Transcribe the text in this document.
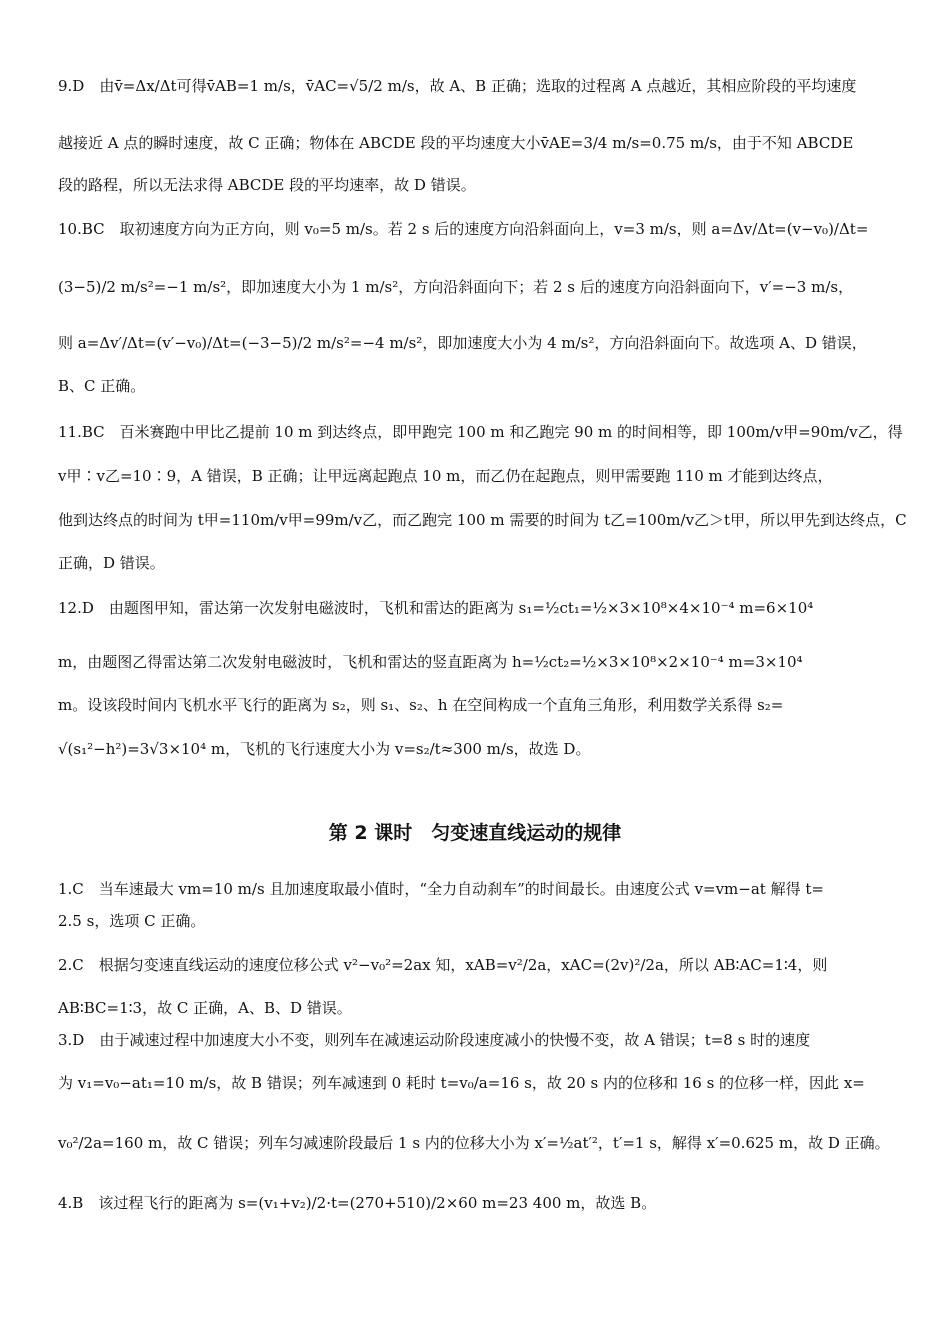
9.D　由v̄=Δx/Δt可得v̄AB=1 m/s，v̄AC=√5/2 m/s，故 A、B 正确；选取的过程离 A 点越近，其相应阶段的平均速度
越接近 A 点的瞬时速度，故 C 正确；物体在 ABCDE 段的平均速度大小v̄AE=3/4 m/s=0.75 m/s，由于不知 ABCDE
段的路程，所以无法求得 ABCDE 段的平均速率，故 D 错误。
10.BC　取初速度方向为正方向，则 v₀=5 m/s。若 2 s 后的速度方向沿斜面向上，v=3 m/s，则 a=Δv/Δt=(v−v₀)/Δt=
(3−5)/2 m/s²=−1 m/s²，即加速度大小为 1 m/s²，方向沿斜面向下；若 2 s 后的速度方向沿斜面向下，v′=−3 m/s，
则 a=Δv′/Δt=(v′−v₀)/Δt=(−3−5)/2 m/s²=−4 m/s²，即加速度大小为 4 m/s²，方向沿斜面向下。故选项 A、D 错误，
B、C 正确。
11.BC　百米赛跑中甲比乙提前 10 m 到达终点，即甲跑完 100 m 和乙跑完 90 m 的时间相等，即 100m/v甲=90m/v乙，得
v甲∶v乙=10∶9，A 错误，B 正确；让甲远离起跑点 10 m，而乙仍在起跑点，则甲需要跑 110 m 才能到达终点，
他到达终点的时间为 t甲=110m/v甲=99m/v乙，而乙跑完 100 m 需要的时间为 t乙=100m/v乙＞t甲，所以甲先到达终点，C
正确，D 错误。
12.D　由题图甲知，雷达第一次发射电磁波时，飞机和雷达的距离为 s₁=½ct₁=½×3×10⁸×4×10⁻⁴ m=6×10⁴
m，由题图乙得雷达第二次发射电磁波时，飞机和雷达的竖直距离为 h=½ct₂=½×3×10⁸×2×10⁻⁴ m=3×10⁴
m。设该段时间内飞机水平飞行的距离为 s₂，则 s₁、s₂、h 在空间构成一个直角三角形，利用数学关系得 s₂=
√(s₁²−h²)=3√3×10⁴ m，飞机的飞行速度大小为 v=s₂/t≈300 m/s，故选 D。
第 2 课时　匀变速直线运动的规律
1.C　当车速最大 vm=10 m/s 且加速度取最小值时，“全力自动刹车”的时间最长。由速度公式 v=vm−at 解得 t=
2.5 s，选项 C 正确。
2.C　根据匀变速直线运动的速度位移公式 v²−v₀²=2ax 知，xAB=v²/2a，xAC=(2v)²/2a，所以 AB∶AC=1∶4，则
AB∶BC=1∶3，故 C 正确，A、B、D 错误。
3.D　由于减速过程中加速度大小不变，则列车在减速运动阶段速度减小的快慢不变，故 A 错误；t=8 s 时的速度
为 v₁=v₀−at₁=10 m/s，故 B 错误；列车减速到 0 耗时 t=v₀/a=16 s，故 20 s 内的位移和 16 s 的位移一样，因此 x=
v₀²/2a=160 m，故 C 错误；列车匀减速阶段最后 1 s 内的位移大小为 x′=½at′²，t′=1 s，解得 x′=0.625 m，故 D 正确。
4.B　该过程飞行的距离为 s=(v₁+v₂)/2·t=(270+510)/2×60 m=23 400 m，故选 B。
